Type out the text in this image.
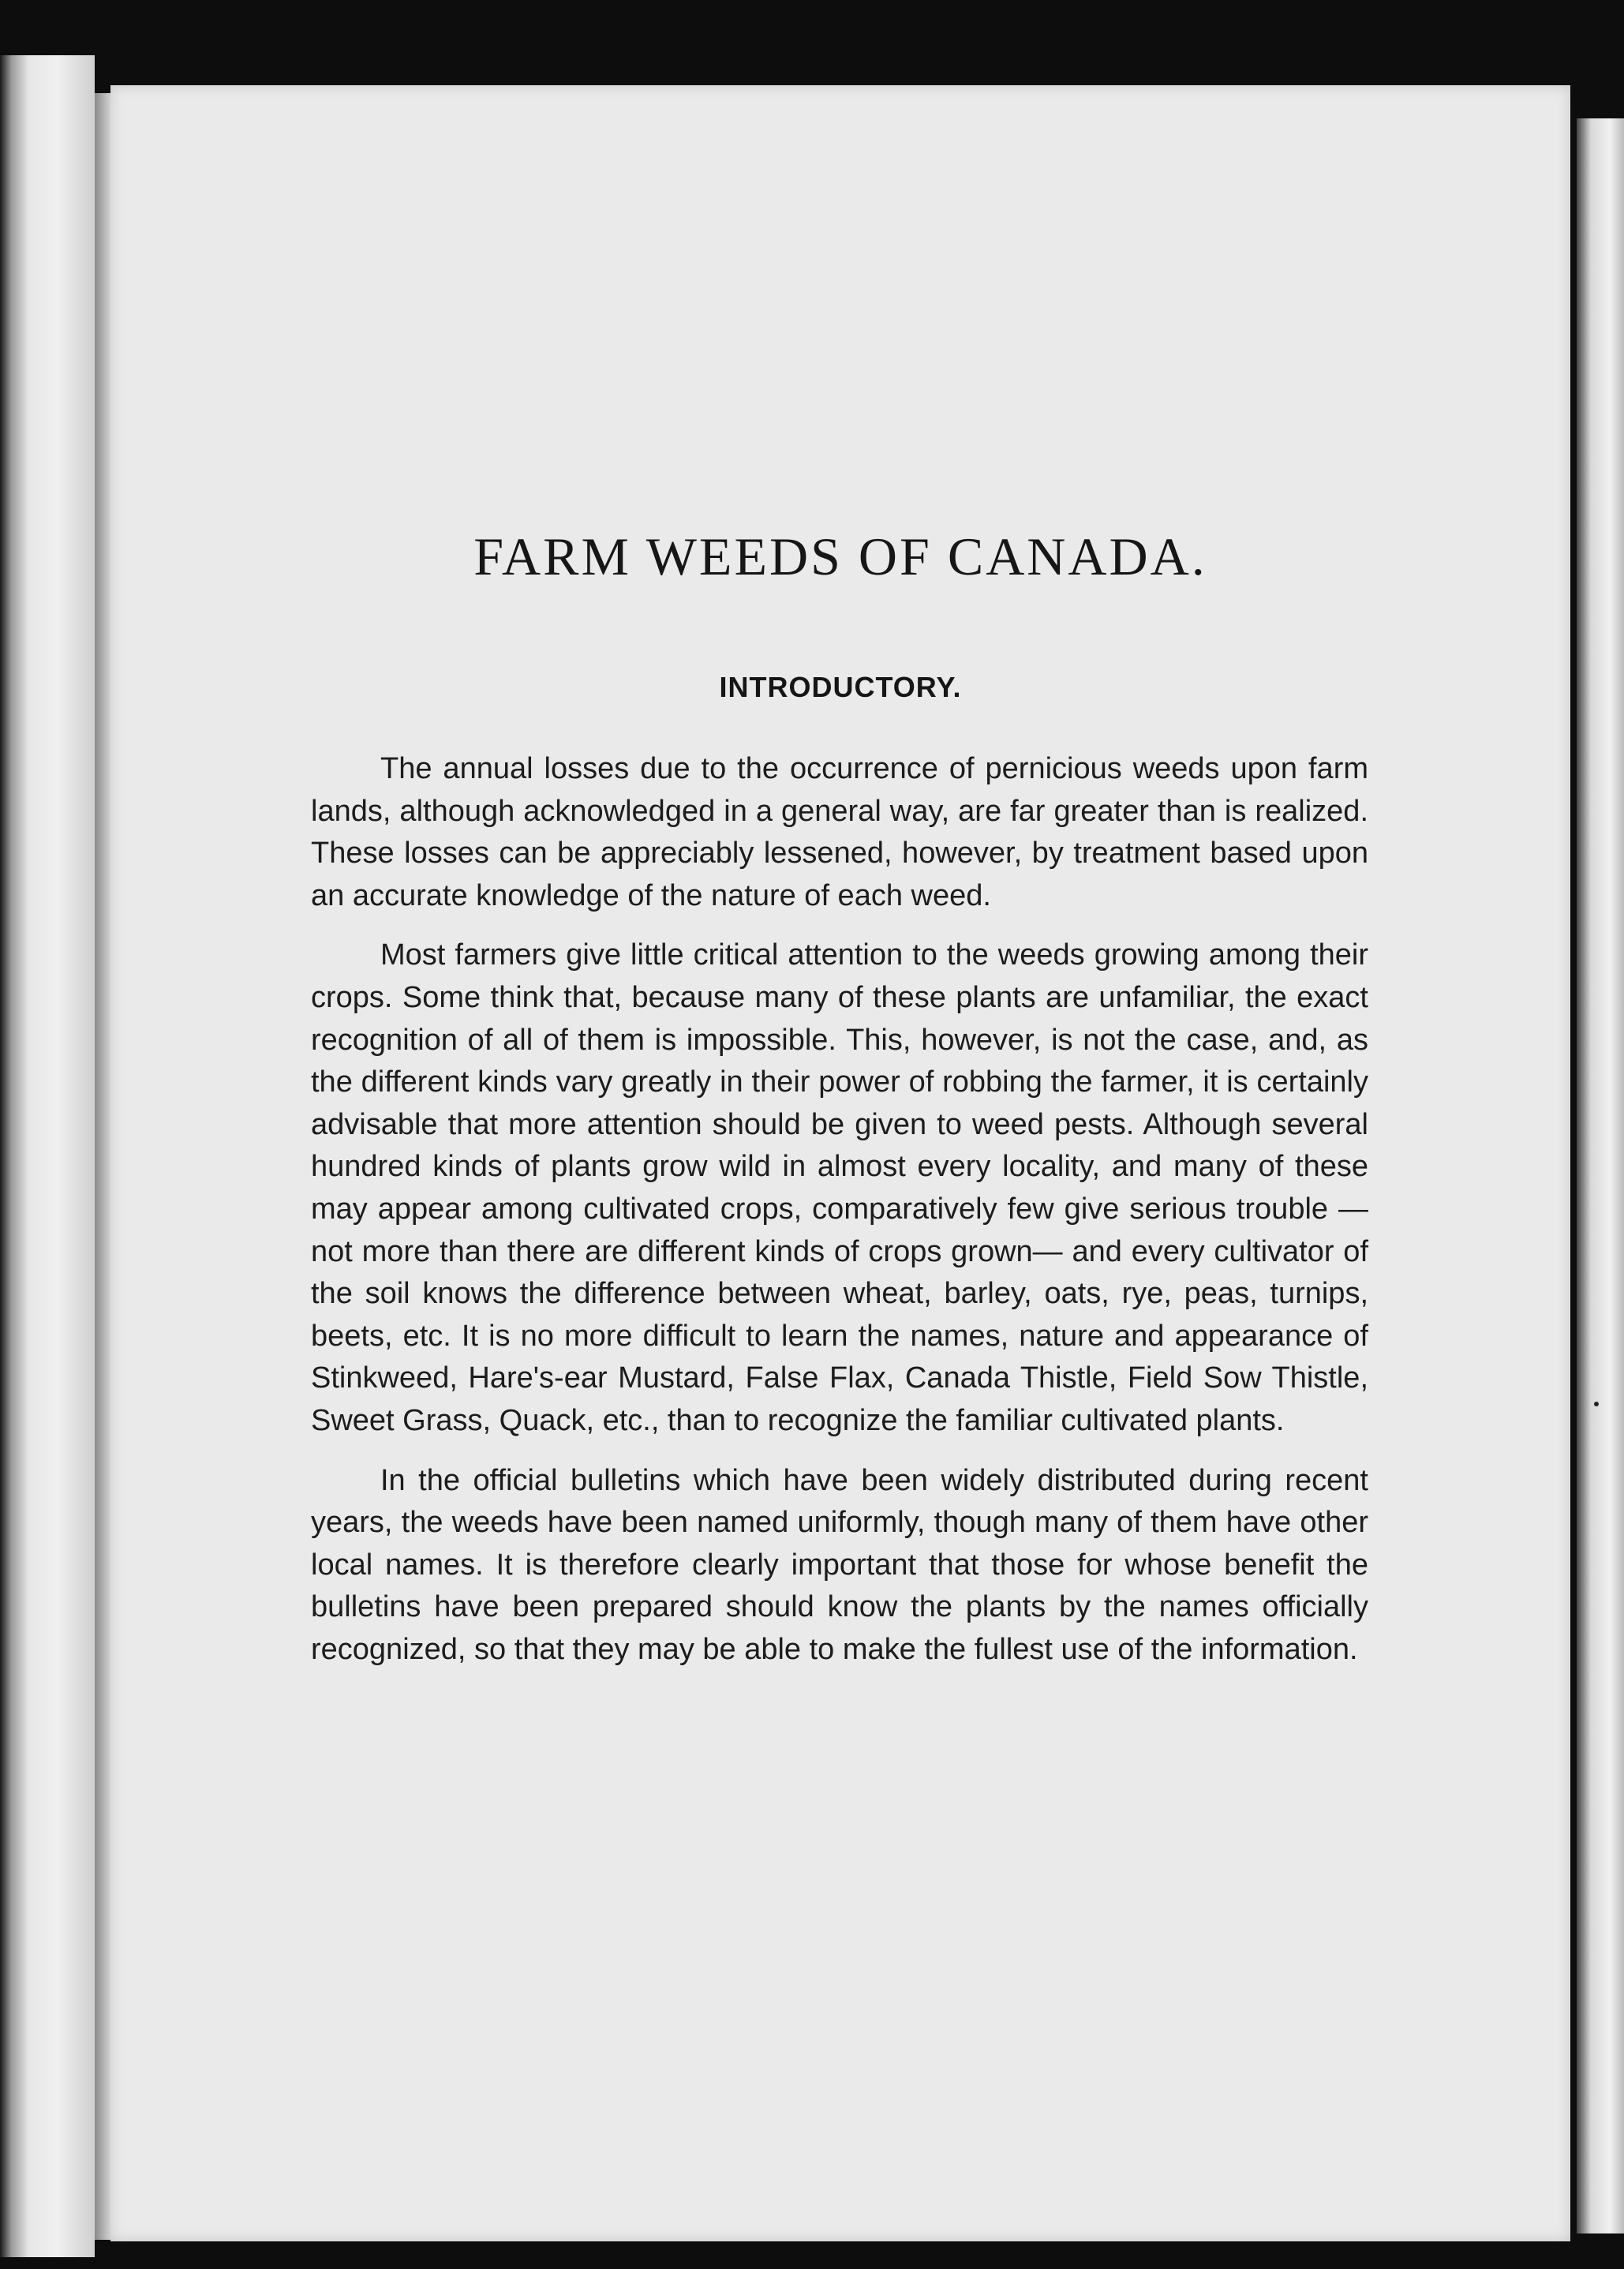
FARM WEEDS OF CANADA.
INTRODUCTORY.

The annual losses due to the occurrence of pernicious weeds upon farm lands, although acknowledged in a general way, are far greater than is realized. These losses can be appreciably lessened, however, by treatment based upon an accurate knowledge of the nature of each weed.

Most farmers give little critical attention to the weeds growing among their crops. Some think that, because many of these plants are unfamiliar, the exact recognition of all of them is impossible. This, however, is not the case, and, as the different kinds vary greatly in their power of robbing the farmer, it is certainly advisable that more attention should be given to weed pests. Although several hundred kinds of plants grow wild in almost every locality, and many of these may appear among cultivated crops, comparatively few give serious trouble —not more than there are different kinds of crops grown— and every cultivator of the soil knows the difference between wheat, barley, oats, rye, peas, turnips, beets, etc. It is no more difficult to learn the names, nature and appearance of Stinkweed, Hare's-ear Mustard, False Flax, Canada Thistle, Field Sow Thistle, Sweet Grass, Quack, etc., than to recognize the familiar cultivated plants.

In the official bulletins which have been widely distributed during recent years, the weeds have been named uniformly, though many of them have other local names. It is therefore clearly important that those for whose benefit the bulletins have been prepared should know the plants by the names officially recognized, so that they may be able to make the fullest use of the information.
